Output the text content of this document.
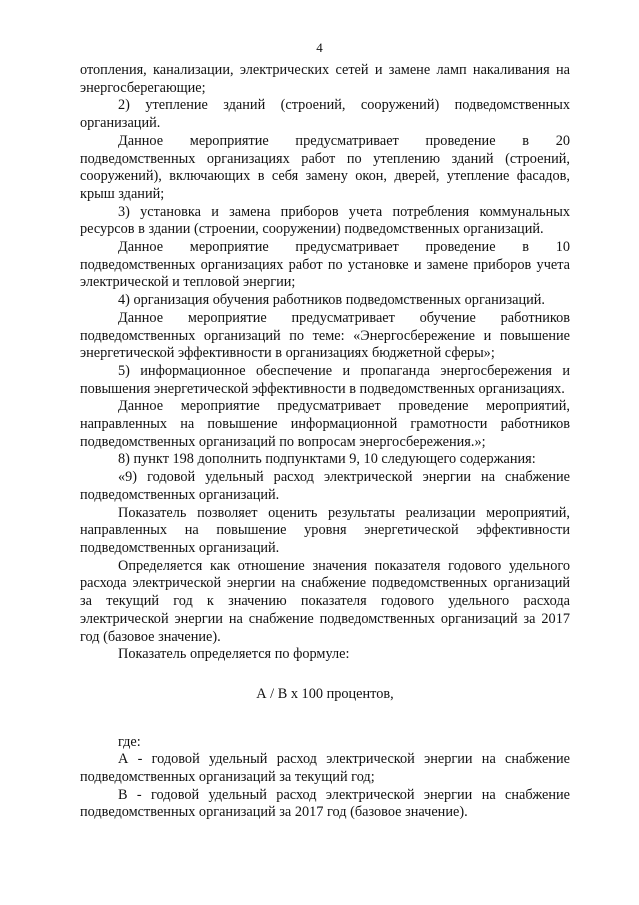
4

отопления, канализации, электрических сетей и замене ламп накаливания на энергосберегающие;

2) утепление зданий (строений, сооружений) подведомственных организаций.

Данное мероприятие предусматривает проведение в 20 подведомственных организациях работ по утеплению зданий (строений, сооружений), включающих в себя замену окон, дверей, утепление фасадов, крыш зданий;

3) установка и замена приборов учета потребления коммунальных ресурсов в здании (строении, сооружении) подведомственных организаций.

Данное мероприятие предусматривает проведение в 10 подведомственных организациях работ по установке и замене приборов учета электрической и тепловой энергии;

4) организация обучения работников подведомственных организаций.

Данное мероприятие предусматривает обучение работников подведомственных организаций по теме: «Энергосбережение и повышение энергетической эффективности в организациях бюджетной сферы»;

5) информационное обеспечение и пропаганда энергосбережения и повышения энергетической эффективности в подведомственных организациях.

Данное мероприятие предусматривает проведение мероприятий, направленных на повышение информационной грамотности работников подведомственных организаций по вопросам энергосбережения.»;

8) пункт 198 дополнить подпунктами 9, 10 следующего содержания:

«9) годовой удельный расход электрической энергии на снабжение подведомственных организаций.

Показатель позволяет оценить результаты реализации мероприятий, направленных на повышение уровня энергетической эффективности подведомственных организаций.

Определяется как отношение значения показателя годового удельного расхода электрической энергии на снабжение подведомственных организаций за текущий год к значению показателя годового удельного расхода электрической энергии на снабжение подведомственных организаций за 2017 год (базовое значение).

Показатель определяется по формуле:

А / В х 100 процентов,

где:

А - годовой удельный расход электрической энергии на снабжение подведомственных организаций за текущий год;

В - годовой удельный расход электрической энергии на снабжение подведомственных организаций за 2017 год (базовое значение).
